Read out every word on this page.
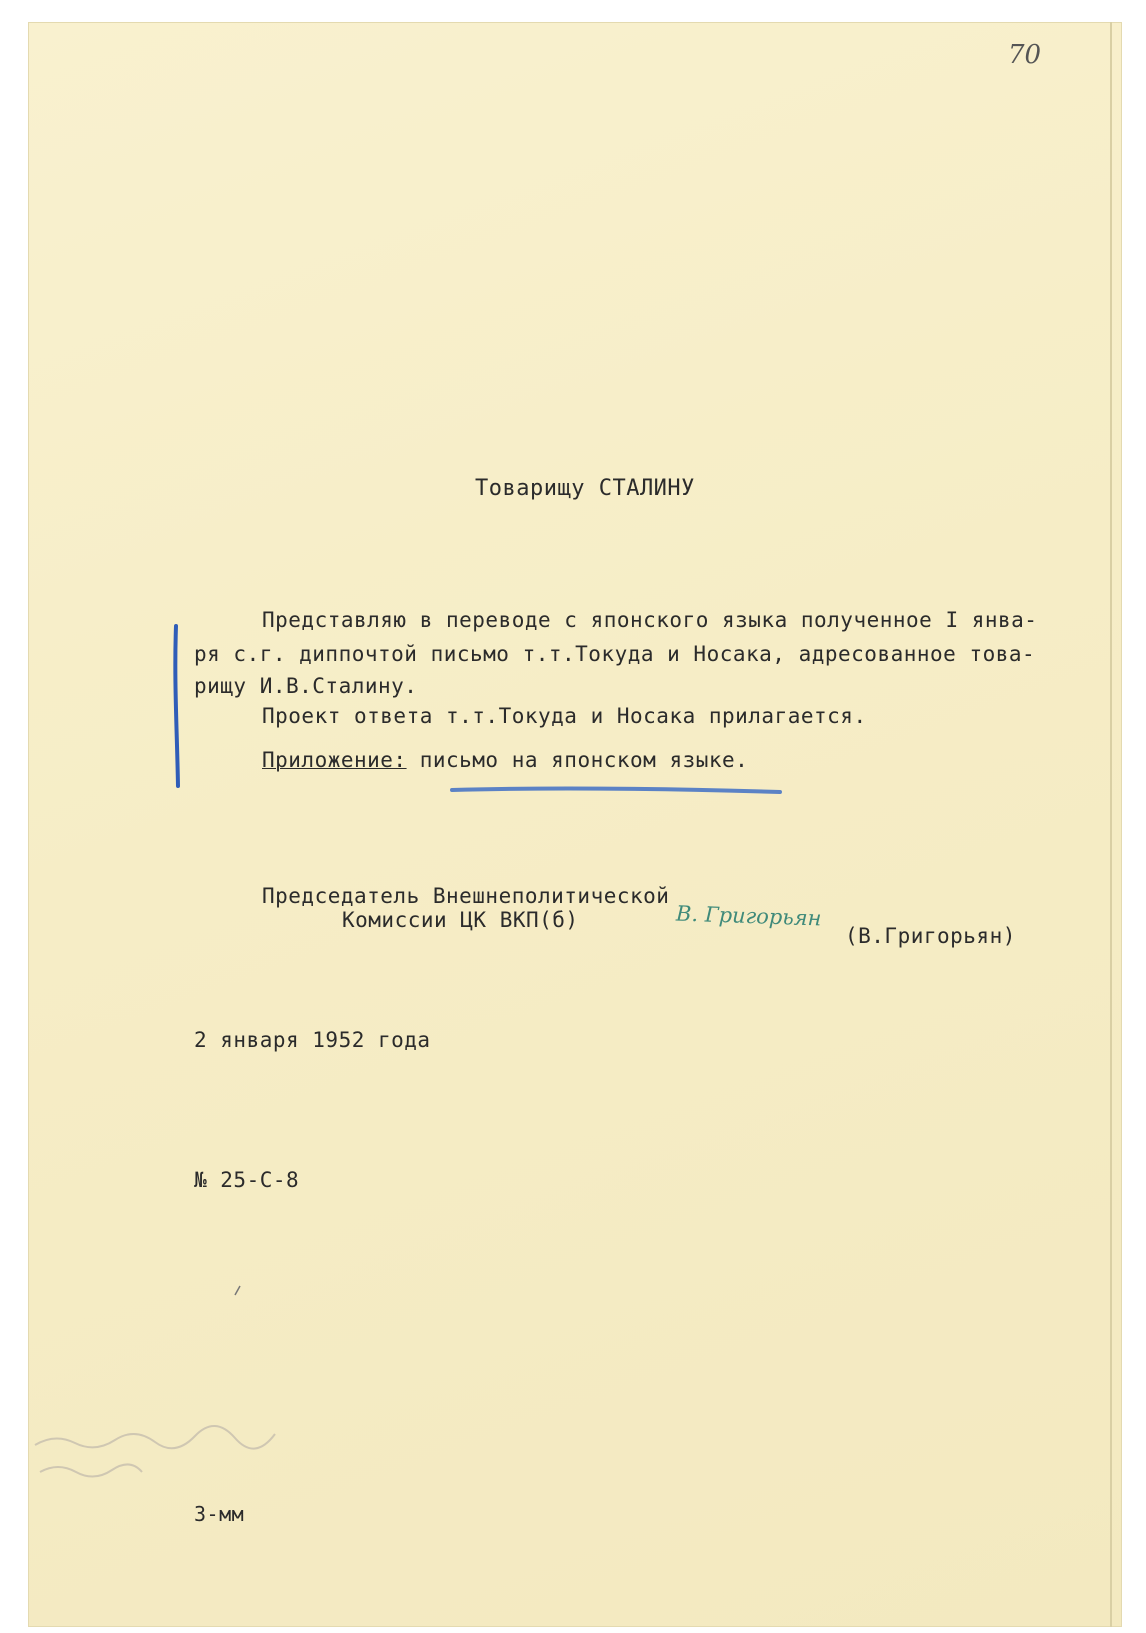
70
Товарищу СТАЛИНУ
Представляю в переводе с японского языка полученное I янва-
ря с.г. диппочтой письмо т.т.Токуда и Носака, адресованное това-
рищу И.В.Сталину.
Проект ответа т.т.Токуда и Носака прилагается.
Приложение: письмо на японском языке.
Председатель Внешнеполитической
Комиссии ЦК ВКП(б)	В. Григорьян
(В.Григорьян)
2 января 1952 года
№ 25-С-8
3-мм
